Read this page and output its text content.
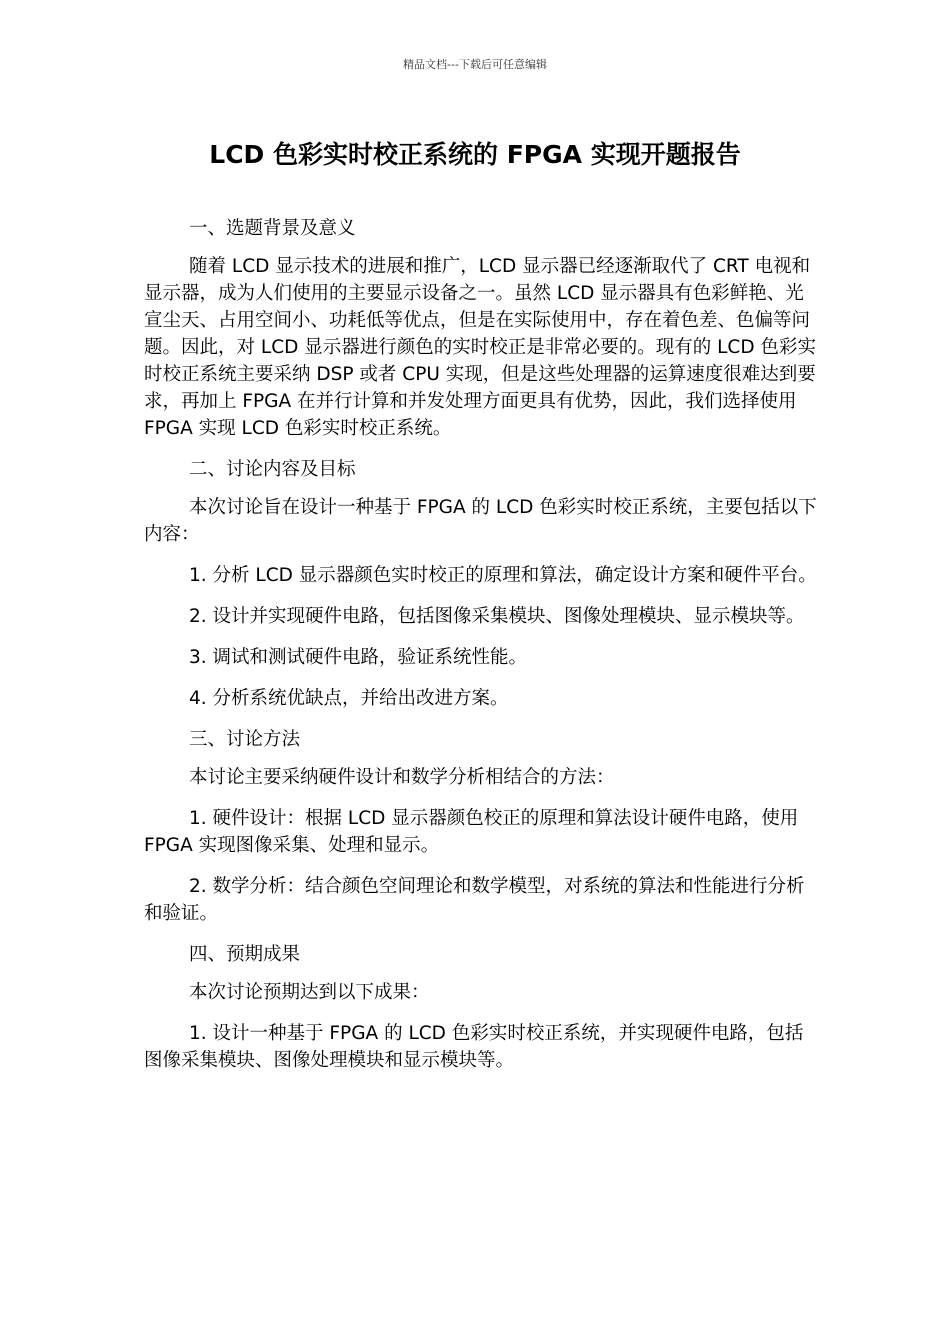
精品文档---下载后可任意编辑
LCD 色彩实时校正系统的 FPGA 实现开题报告

一、选题背景及意义

随着 LCD 显示技术的进展和推广，LCD 显示器已经逐渐取代了 CRT 电视和显示器，成为人们使用的主要显示设备之一。虽然 LCD 显示器具有色彩鲜艳、光宣尘天、占用空间小、功耗低等优点，但是在实际使用中，存在着色差、色偏等问题。因此，对 LCD 显示器进行颜色的实时校正是非常必要的。现有的 LCD 色彩实时校正系统主要采纳 DSP 或者 CPU 实现，但是这些处理器的运算速度很难达到要求，再加上 FPGA 在并行计算和并发处理方面更具有优势，因此，我们选择使用 FPGA 实现 LCD 色彩实时校正系统。

二、讨论内容及目标

本次讨论旨在设计一种基于 FPGA 的 LCD 色彩实时校正系统，主要包括以下内容：

1. 分析 LCD 显示器颜色实时校正的原理和算法，确定设计方案和硬件平台。

2. 设计并实现硬件电路，包括图像采集模块、图像处理模块、显示模块等。

3. 调试和测试硬件电路，验证系统性能。

4. 分析系统优缺点，并给出改进方案。

三、讨论方法

本讨论主要采纳硬件设计和数学分析相结合的方法：

1. 硬件设计：根据 LCD 显示器颜色校正的原理和算法设计硬件电路，使用 FPGA 实现图像采集、处理和显示。

2. 数学分析：结合颜色空间理论和数学模型，对系统的算法和性能进行分析和验证。

四、预期成果

本次讨论预期达到以下成果：

1. 设计一种基于 FPGA 的 LCD 色彩实时校正系统，并实现硬件电路，包括图像采集模块、图像处理模块和显示模块等。
